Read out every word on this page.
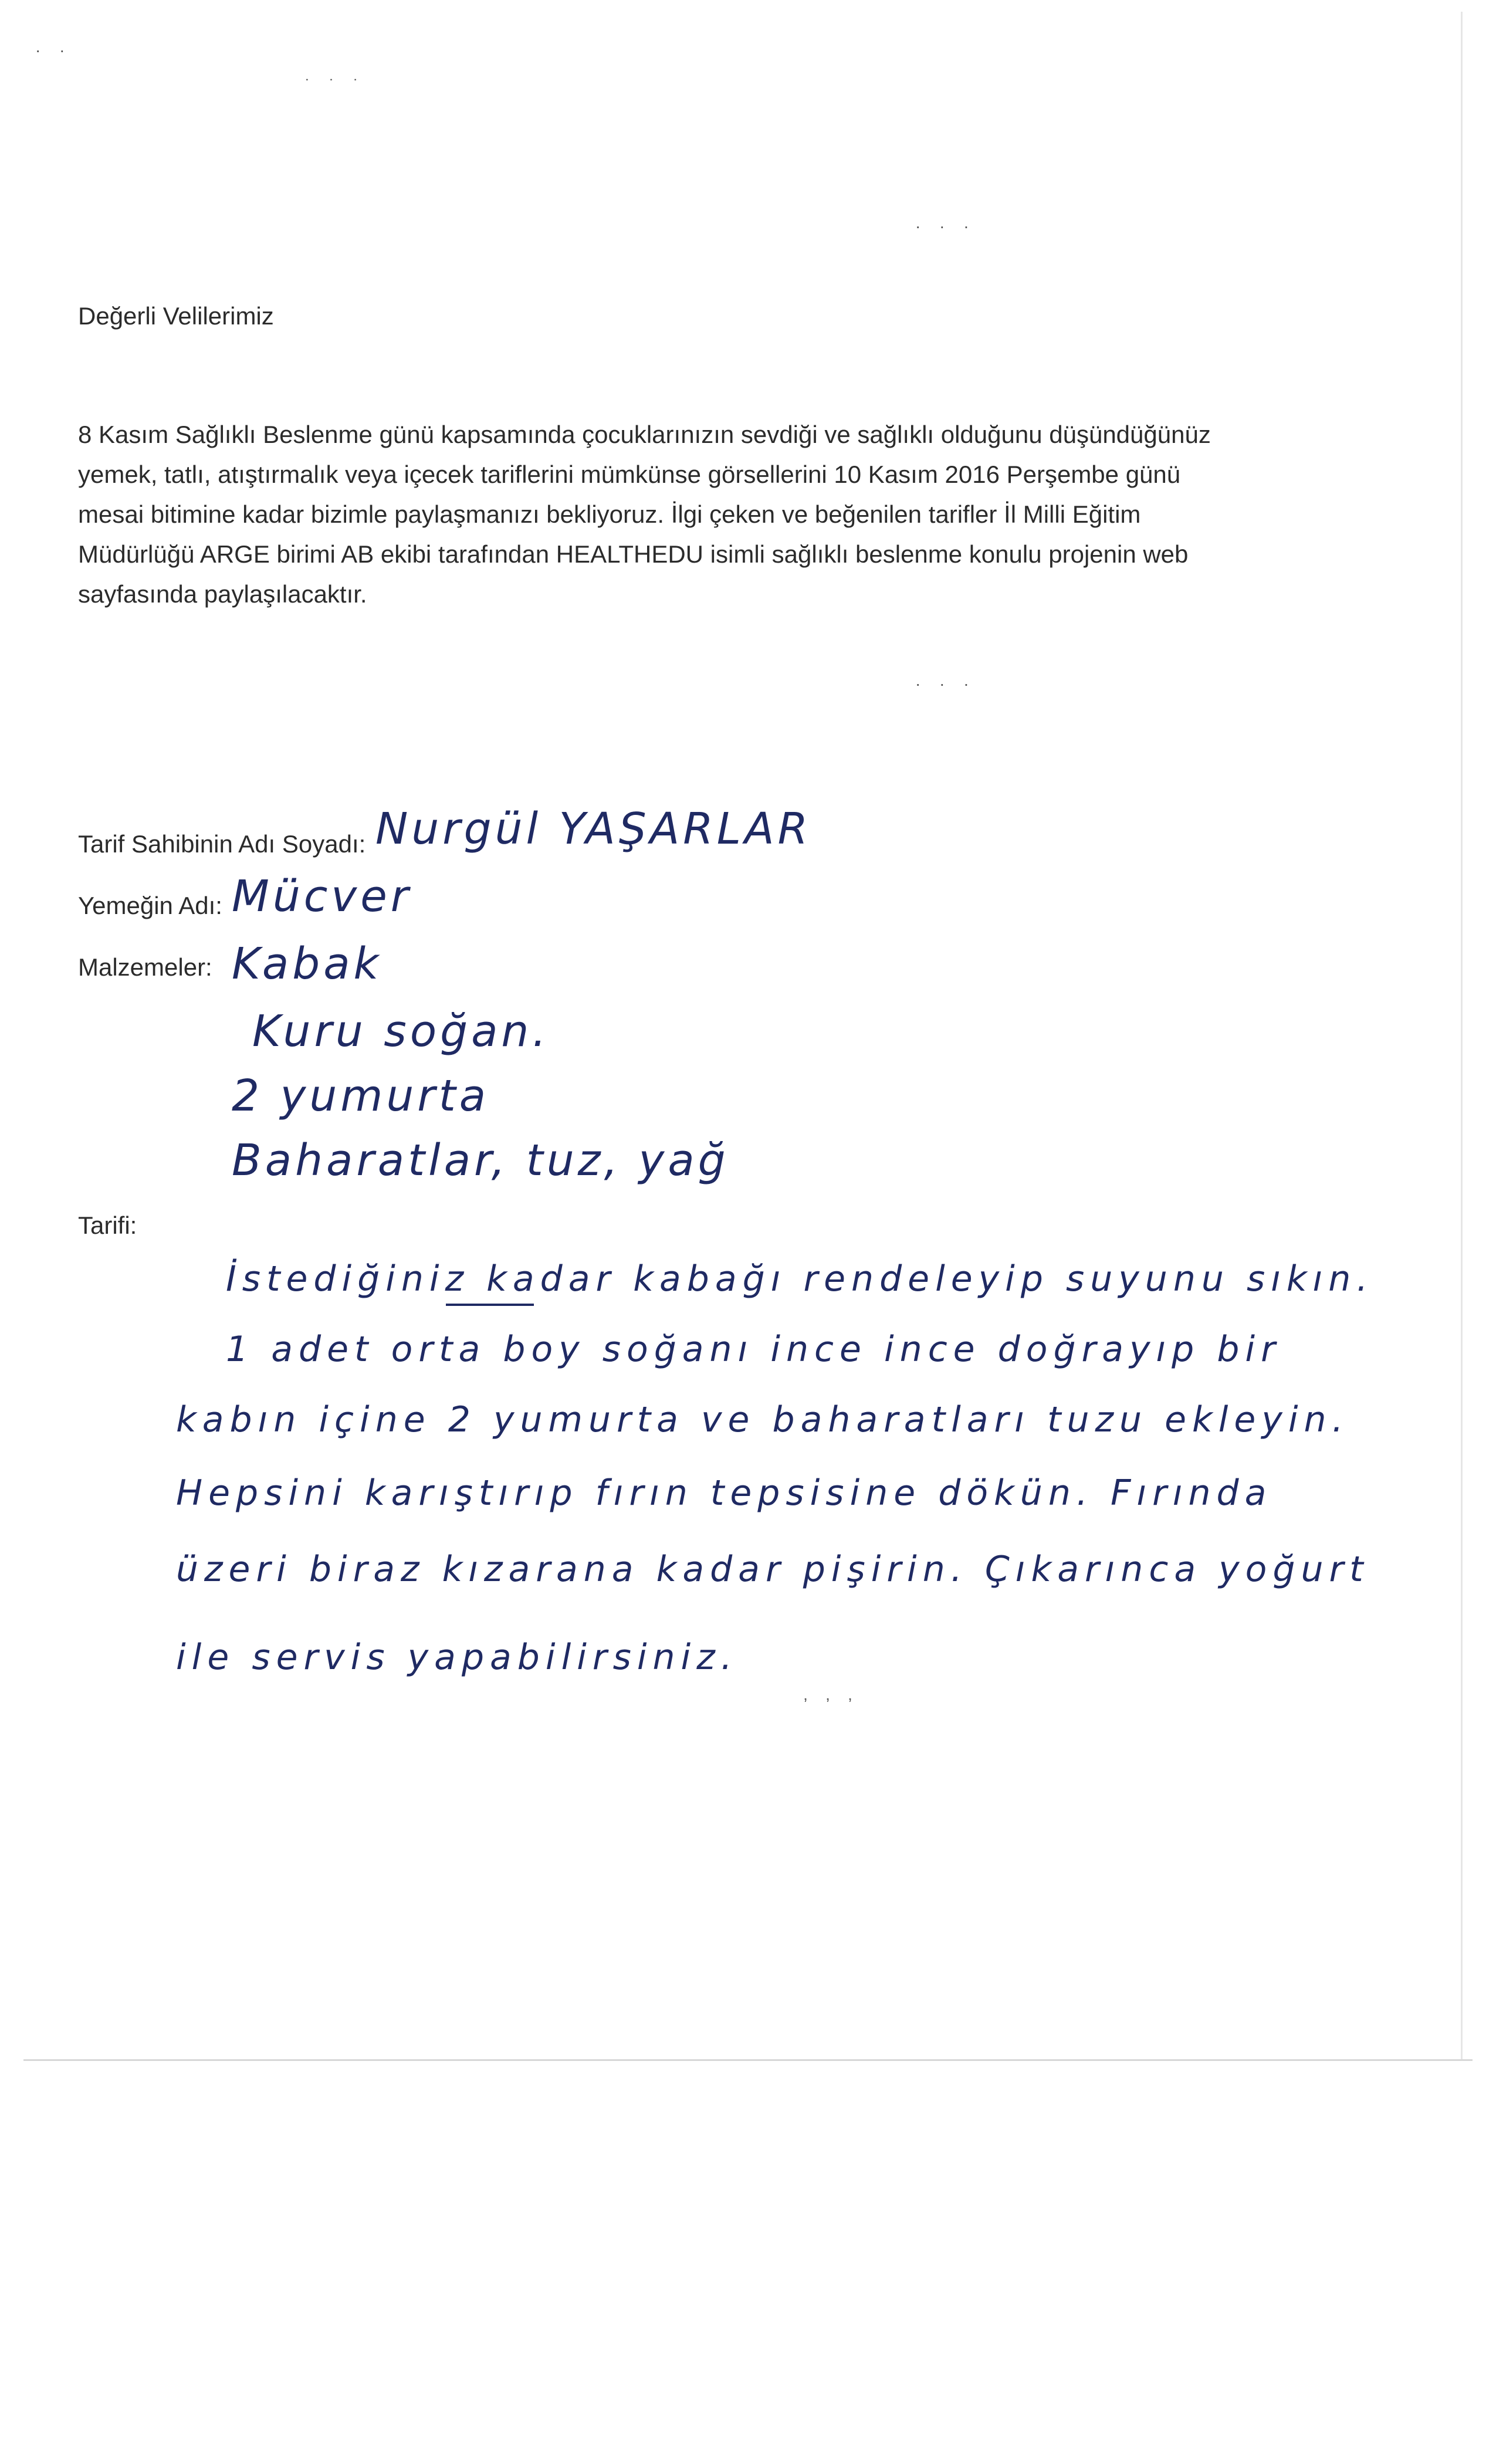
· ·
˙ ˙ ˙
· · ·
· · ·
ʼ ʼ ʼ
Değerli Velilerimiz
8 Kasım Sağlıklı Beslenme günü kapsamında çocuklarınızın sevdiği ve sağlıklı olduğunu düşündüğünüz
yemek, tatlı, atıştırmalık veya içecek tariflerini mümkünse görsellerini 10 Kasım 2016 Perşembe günü
mesai bitimine kadar bizimle paylaşmanızı bekliyoruz. İlgi çeken ve beğenilen tarifler İl Milli Eğitim
Müdürlüğü ARGE birimi AB ekibi tarafından HEALTHEDU isimli sağlıklı beslenme konulu projenin web
sayfasında paylaşılacaktır.
Tarif Sahibinin Adı Soyadı: Nurgül YAŞARLAR
Yemeğin Adı: Mücver
Malzemeler: Kabak
Kuru soğan.
2 yumurta
Baharatlar, tuz, yağ
Tarifi:
İstediğiniz kadar kabağı rendeleyip suyunu sıkın.
1 adet orta boy soğanı ince ince doğrayıp bir
kabın içine 2 yumurta ve baharatları tuzu ekleyin.
Hepsini karıştırıp fırın tepsisine dökün. Fırında
üzeri biraz kızarana kadar pişirin. Çıkarınca yoğurt
ile servis yapabilirsiniz.
